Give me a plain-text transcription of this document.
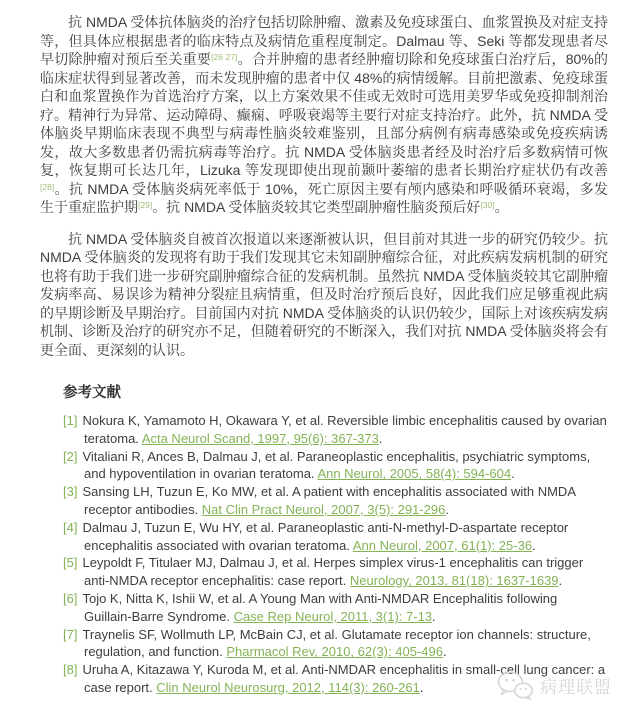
抗 NMDA 受体抗体脑炎的治疗包括切除肿瘤、激素及免疫球蛋白、血浆置换及对症支持等，但具体应根据患者的临床特点及病情危重程度制定。Dalmau 等、Seki 等都发现患者尽早切除肿瘤对预后至关重要[26 27]。合并肿瘤的患者经肿瘤切除和免疫球蛋白治疗后，80%的临床症状得到显著改善，而未发现肿瘤的患者中仅 48%的病情缓解。目前把激素、免疫球蛋白和血浆置换作为首选治疗方案，以上方案效果不佳或无效时可选用美罗华或免疫抑制剂治疗。精神行为异常、运动障碍、癫痫、呼吸衰竭等主要行对症支持治疗。此外，抗 NMDA 受体脑炎早期临床表现不典型与病毒性脑炎较难鉴别，且部分病例有病毒感染或免疫疾病诱发，故大多数患者仍需抗病毒等治疗。抗 NMDA 受体脑炎患者经及时治疗后多数病情可恢复，恢复期可长达几年，Lizuka 等发现即使出现前颞叶萎缩的患者长期治疗症状仍有改善[28]。抗 NMDA 受体脑炎病死率低于 10%，死亡原因主要有颅内感染和呼吸循环衰竭，多发生于重症监护期[29]。抗 NMDA 受体脑炎较其它类型副肿瘤性脑炎预后好[30]。

抗 NMDA 受体脑炎自被首次报道以来逐渐被认识，但目前对其进一步的研究仍较少。抗 NMDA 受体脑炎的发现将有助于我们发现其它未知副肿瘤综合征，对此疾病发病机制的研究也将有助于我们进一步研究副肿瘤综合征的发病机制。虽然抗 NMDA 受体脑炎较其它副肿瘤发病率高、易误诊为精神分裂症且病情重，但及时治疗预后良好，因此我们应足够重视此病的早期诊断及早期治疗。目前国内对抗 NMDA 受体脑炎的认识仍较少，国际上对该疾病发病机制、诊断及治疗的研究亦不足，但随着研究的不断深入，我们对抗 NMDA 受体脑炎将会有更全面、更深刻的认识。

参考文献
[1] Nokura K, Yamamoto H, Okawara Y, et al. Reversible limbic encephalitis caused by ovarian teratoma. Acta Neurol Scand, 1997, 95(6): 367-373.
[2] Vitaliani R, Ances B, Dalmau J, et al. Paraneoplastic encephalitis, psychiatric symptoms, and hypoventilation in ovarian teratoma. Ann Neurol, 2005, 58(4): 594-604.
[3] Sansing LH, Tuzun E, Ko MW, et al. A patient with encephalitis associated with NMDA receptor antibodies. Nat Clin Pract Neurol, 2007, 3(5): 291-296.
[4] Dalmau J, Tuzun E, Wu HY, et al. Paraneoplastic anti-N-methyl-D-aspartate receptor encephalitis associated with ovarian teratoma. Ann Neurol, 2007, 61(1): 25-36.
[5] Leypoldt F, Titulaer MJ, Dalmau J, et al. Herpes simplex virus-1 encephalitis can trigger anti-NMDA receptor encephalitis: case report. Neurology, 2013, 81(18): 1637-1639.
[6] Tojo K, Nitta K, Ishii W, et al. A Young Man with Anti-NMDAR Encephalitis following Guillain-Barre Syndrome. Case Rep Neurol, 2011, 3(1): 7-13.
[7] Traynelis SF, Wollmuth LP, McBain CJ, et al. Glutamate receptor ion channels: structure, regulation, and function. Pharmacol Rev, 2010, 62(3): 405-496.
[8] Uruha A, Kitazawa Y, Kuroda M, et al. Anti-NMDAR encephalitis in small-cell lung cancer: a case report. Clin Neurol Neurosurg, 2012, 114(3): 260-261.	病理联盟
